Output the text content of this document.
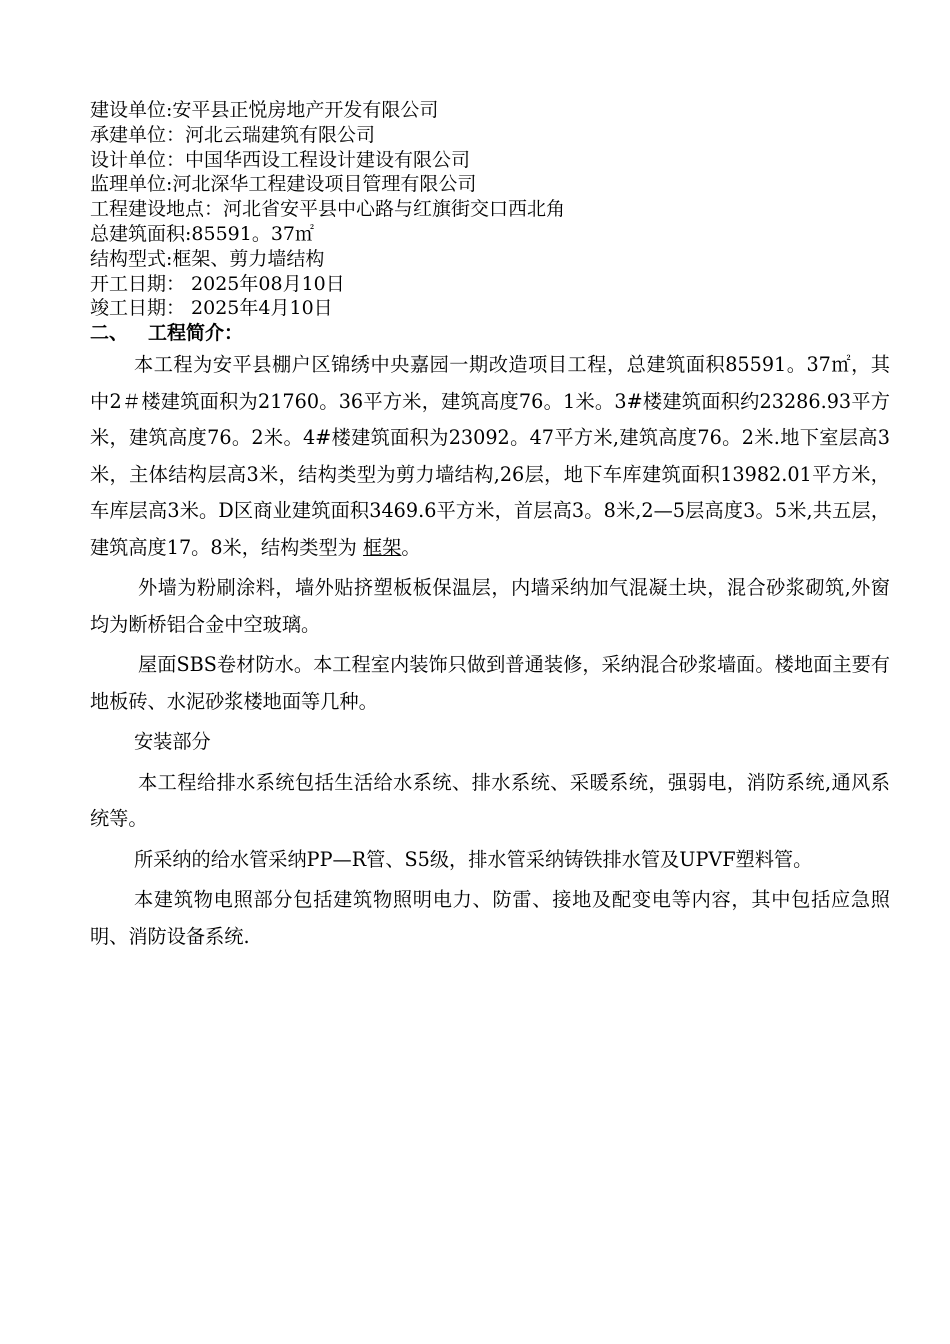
建设单位:安平县正悦房地产开发有限公司
承建单位：河北云瑞建筑有限公司
设计单位：中国华西设工程设计建设有限公司
监理单位:河北深华工程建设项目管理有限公司
工程建设地点：河北省安平县中心路与红旗街交口西北角
总建筑面积:85591。37㎡
结构型式:框架、剪力墙结构
开工日期： 2025年08月10日
竣工日期： 2025年4月10日
二、 工程简介：

本工程为安平县棚户区锦绣中央嘉园一期改造项目工程，总建筑面积85591。37㎡，其中2＃楼建筑面积为21760。36平方米，建筑高度76。1米。3#楼建筑面积约23286.93平方米，建筑高度76。2米。4#楼建筑面积为23092。47平方米,建筑高度76。2米.地下室层高3米，主体结构层高3米，结构类型为剪力墙结构,26层，地下车库建筑面积13982.01平方米，车库层高3米。D区商业建筑面积3469.6平方米，首层高3。8米,2—5层高度3。5米,共五层，建筑高度17。8米，结构类型为 框架。

外墙为粉刷涂料，墙外贴挤塑板板保温层，内墙采纳加气混凝土块，混合砂浆砌筑,外窗均为断桥铝合金中空玻璃。

屋面SBS卷材防水。本工程室内装饰只做到普通装修，采纳混合砂浆墙面。楼地面主要有地板砖、水泥砂浆楼地面等几种。

安装部分

本工程给排水系统包括生活给水系统、排水系统、采暖系统，强弱电，消防系统,通风系统等。

所采纳的给水管采纳PP—R管、S5级，排水管采纳铸铁排水管及UPVF塑料管。

本建筑物电照部分包括建筑物照明电力、防雷、接地及配变电等内容，其中包括应急照明、消防设备系统.
